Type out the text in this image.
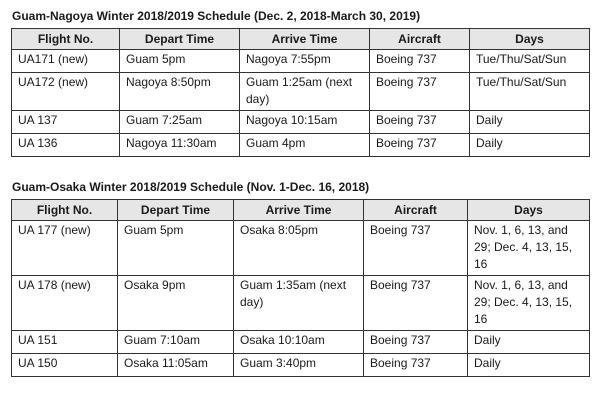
Guam-Nagoya Winter 2018/2019 Schedule (Dec. 2, 2018-March 30, 2019)
Flight No.	Depart Time	Arrive Time	Aircraft	Days
UA171 (new)	Guam 5pm	Nagoya 7:55pm	Boeing 737	Tue/Thu/Sat/Sun
UA172 (new)	Nagoya 8:50pm	Guam 1:25am (next day)	Boeing 737	Tue/Thu/Sat/Sun
UA 137	Guam 7:25am	Nagoya 10:15am	Boeing 737	Daily
UA 136	Nagoya 11:30am	Guam 4pm	Boeing 737	Daily
Guam-Osaka Winter 2018/2019 Schedule (Nov. 1-Dec. 16, 2018)
Flight No.	Depart Time	Arrive Time	Aircraft	Days
UA 177 (new)	Guam 5pm	Osaka 8:05pm	Boeing 737	Nov. 1, 6, 13, and 29; Dec. 4, 13, 15, 16
UA 178 (new)	Osaka 9pm	Guam 1:35am (next day)	Boeing 737	Nov. 1, 6, 13, and 29; Dec. 4, 13, 15, 16
UA 151	Guam 7:10am	Osaka 10:10am	Boeing 737	Daily
UA 150	Osaka 11:05am	Guam 3:40pm	Boeing 737	Daily
